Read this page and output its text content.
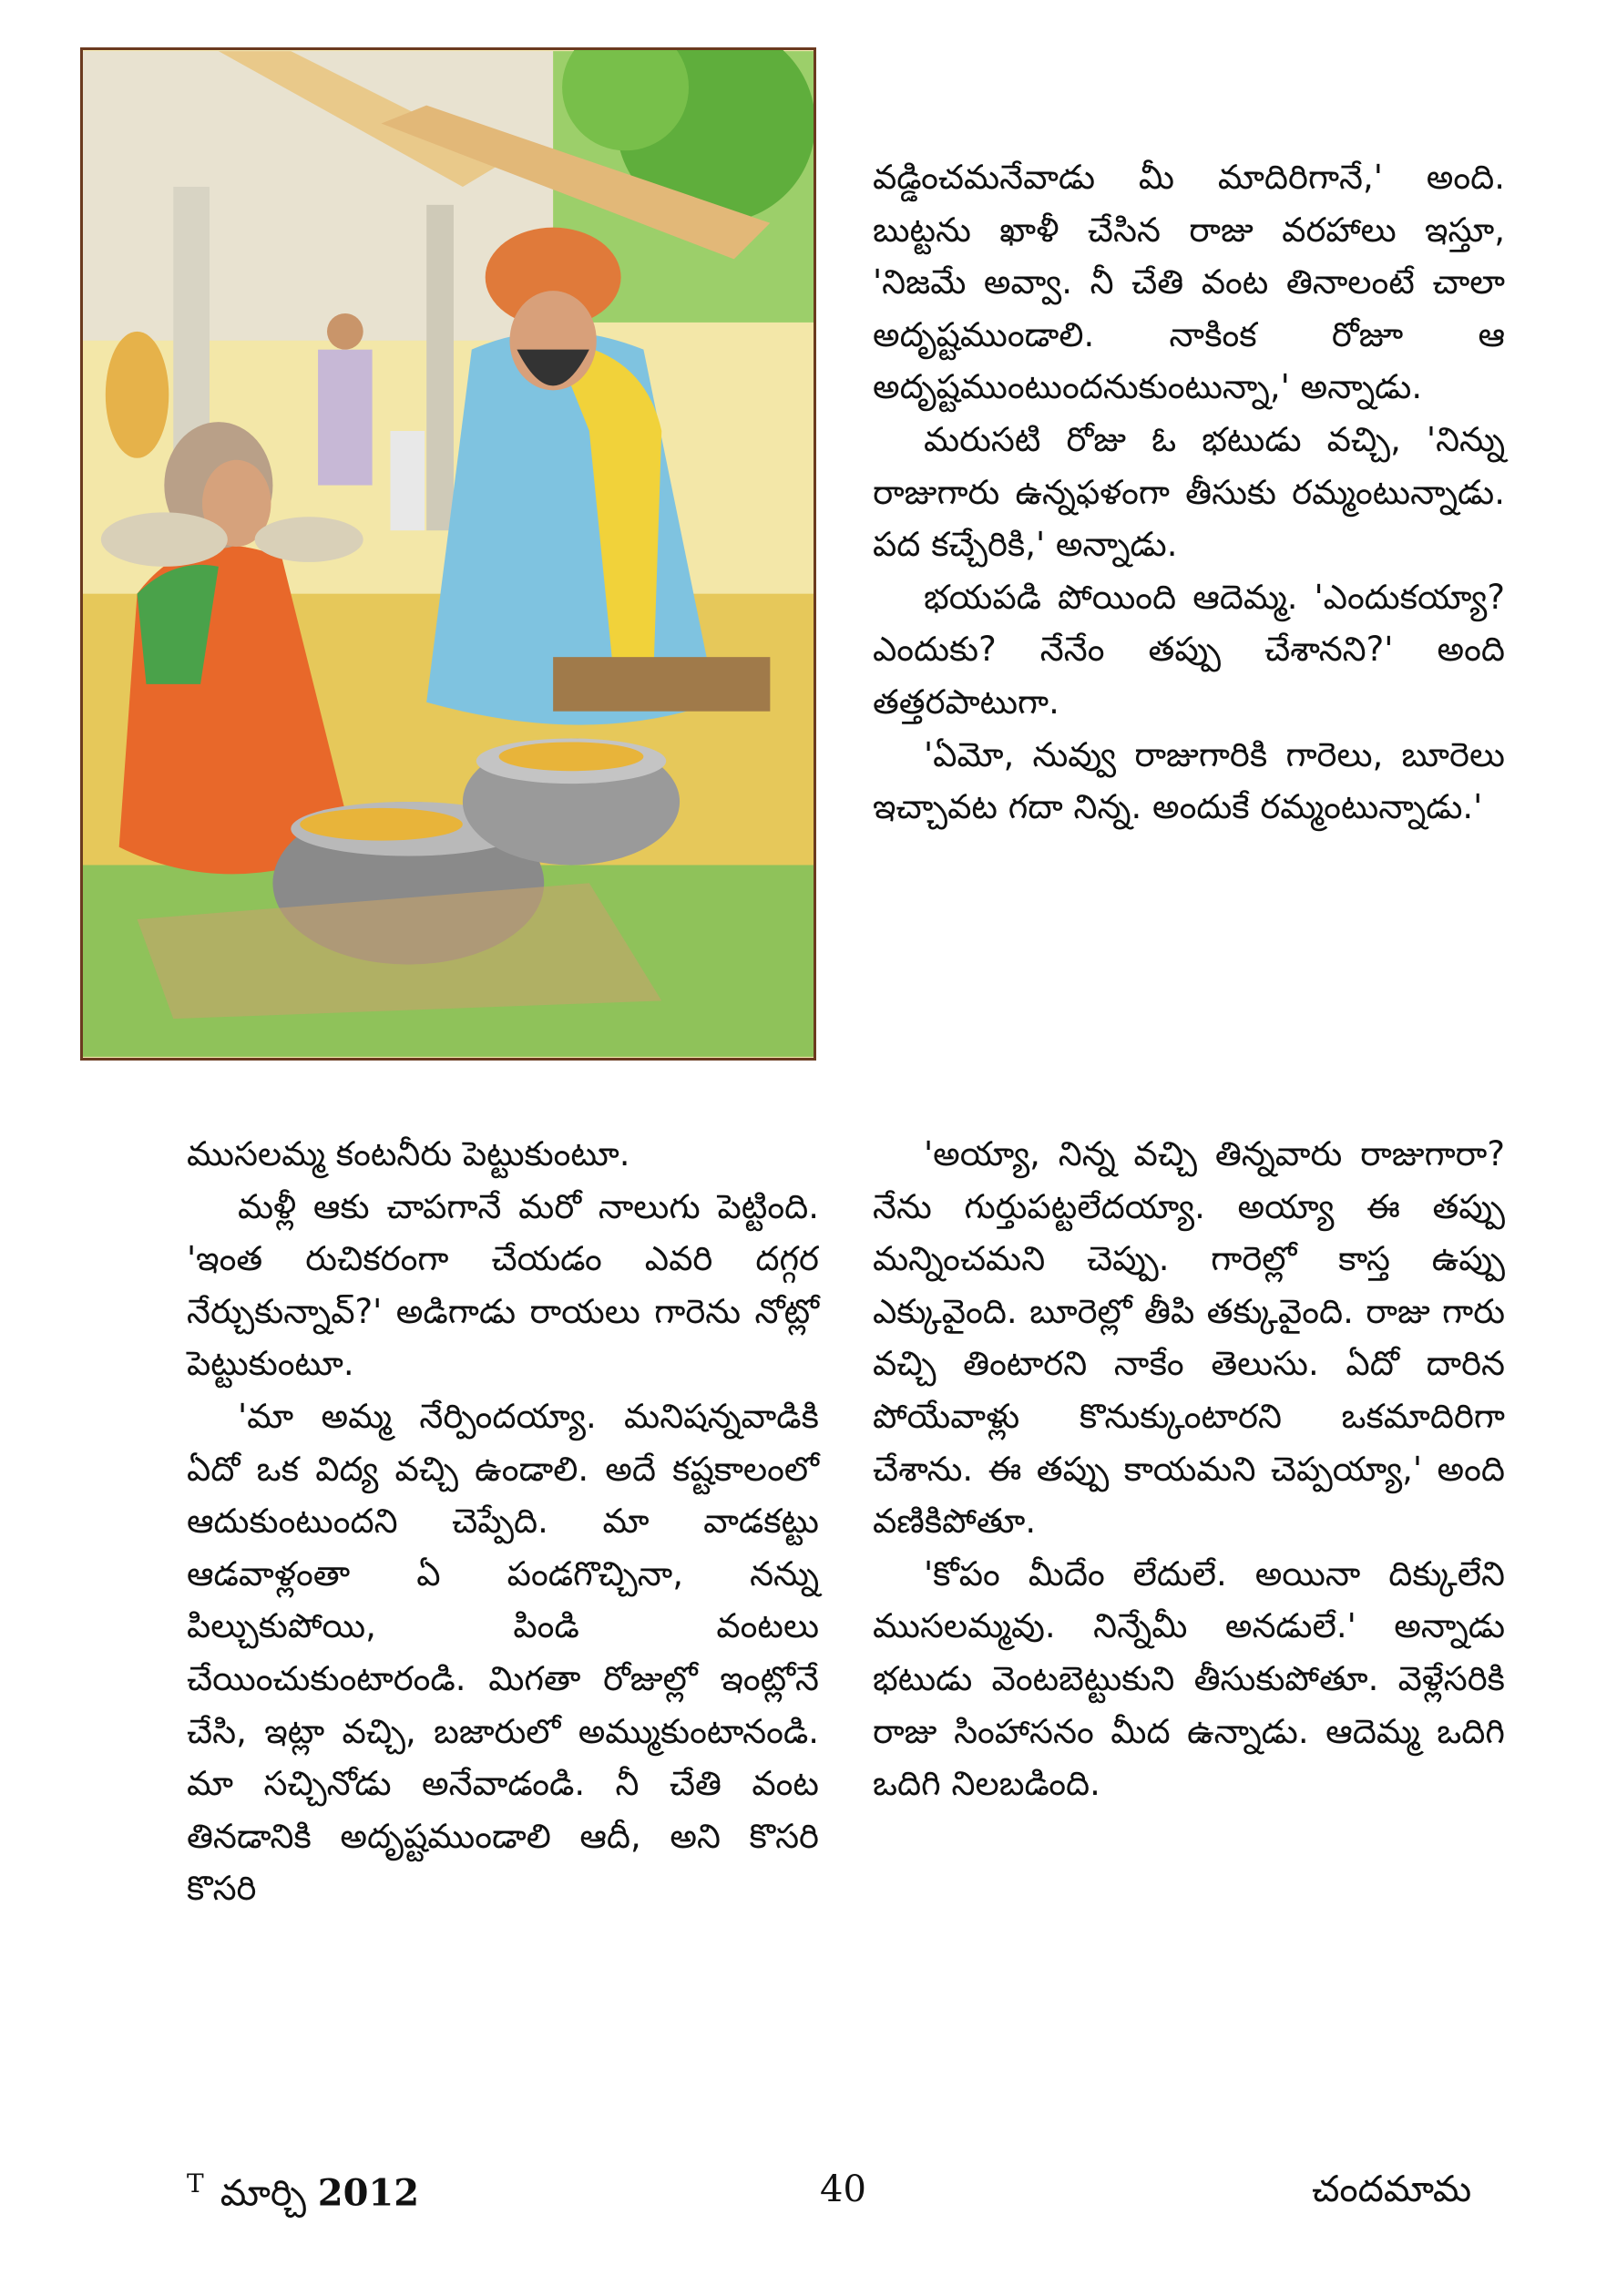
వడ్డించమనేవాడు మీ మాదిరిగానే,' అంది. బుట్టను ఖాళీ చేసిన రాజు వరహాలు ఇస్తూ, 'నిజమే అవ్వా. నీ చేతి వంట తినాలంటే చాలా అదృష్టముండాలి. నాకింక రోజూ ఆ అదృష్టముంటుందనుకుంటున్నా,' అన్నాడు.

మరుసటి రోజు ఓ భటుడు వచ్చి, 'నిన్ను రాజుగారు ఉన్నఫళంగా తీసుకు రమ్మంటున్నాడు. పద కచ్చేరికి,' అన్నాడు.

భయపడి పోయింది ఆదెమ్మ. 'ఎందుకయ్యా? ఎందుకు? నేనేం తప్పు చేశానని?' అంది తత్తరపాటుగా.

'ఏమో, నువ్వు రాజుగారికి గారెలు, బూరెలు ఇచ్చావట గదా నిన్న. అందుకే రమ్మంటున్నాడు.'

ముసలమ్మ కంటనీరు పెట్టుకుంటూ.

మళ్లీ ఆకు చాపగానే మరో నాలుగు పెట్టింది. 'ఇంత రుచికరంగా చేయడం ఎవరి దగ్గర నేర్చుకున్నావ్?' అడిగాడు రాయలు గారెను నోట్లో పెట్టుకుంటూ.

'మా అమ్మ నేర్పిందయ్యా. మనిషన్నవాడికి ఏదో ఒక విద్య వచ్చి ఉండాలి. అదే కష్టకాలంలో ఆదుకుంటుందని చెప్పేది. మా వాడకట్టు ఆడవాళ్లంతా ఏ పండగొచ్చినా, నన్ను పిల్చుకుపోయి, పిండి వంటలు చేయించుకుంటారండి. మిగతా రోజుల్లో ఇంట్లోనే చేసి, ఇట్లా వచ్చి, బజారులో అమ్ముకుంటానండి. మా సచ్చినోడు అనేవాడండి. నీ చేతి వంట తినడానికి అదృష్టముండాలి ఆదీ, అని కొసరి కొసరి

'అయ్యా, నిన్న వచ్చి తిన్నవారు రాజుగారా? నేను గుర్తుపట్టలేదయ్యా. అయ్యా ఈ తప్పు మన్నించమని చెప్పు. గారెల్లో కాస్త ఉప్పు ఎక్కువైంది. బూరెల్లో తీపి తక్కువైంది. రాజు గారు వచ్చి తింటారని నాకేం తెలుసు. ఏదో దారిన పోయేవాళ్లు కొనుక్కుంటారని ఒకమాదిరిగా చేశాను. ఈ తప్పు కాయమని చెప్పయ్యా,' అంది వణికిపోతూ.

'కోపం మీదేం లేదులే. అయినా దిక్కులేని ముసలమ్మవు. నిన్నేమీ అనడులే.' అన్నాడు భటుడు వెంటబెట్టుకుని తీసుకుపోతూ. వెళ్లేసరికి రాజు సింహాసనం మీద ఉన్నాడు. ఆదెమ్మ ఒదిగి ఒదిగి నిలబడింది.

$^T$ మార్చి 2012	40	చందమామ
